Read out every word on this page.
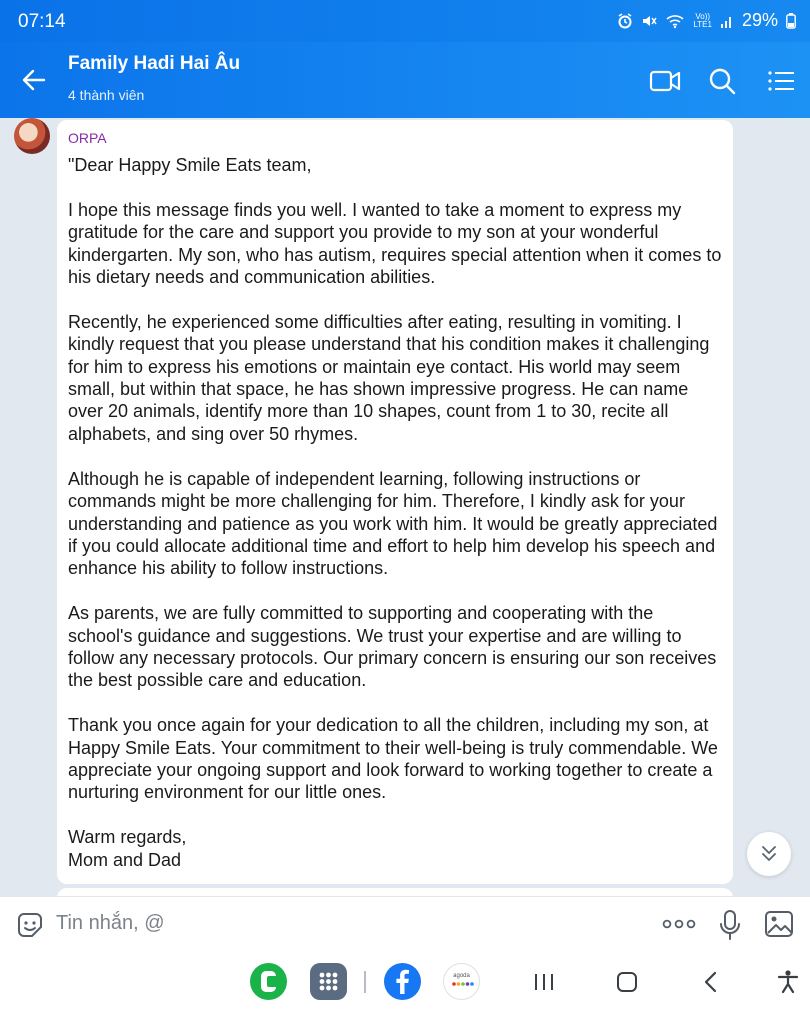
07:14	Vo))
LTE1 29%
Family Hadi Hai Âu
4 thành viên
ORPA
"Dear Happy Smile Eats team,

I hope this message finds you well. I wanted to take a moment to express my gratitude for the care and support you provide to my son at your wonderful kindergarten. My son, who has autism, requires special attention when it comes to his dietary needs and communication abilities.

Recently, he experienced some difficulties after eating, resulting in vomiting. I kindly request that you please understand that his condition makes it challenging for him to express his emotions or maintain eye contact. His world may seem small, but within that space, he has shown impressive progress. He can name over 20 animals, identify more than 10 shapes, count from 1 to 30, recite all alphabets, and sing over 50 rhymes.

Although he is capable of independent learning, following instructions or commands might be more challenging for him. Therefore, I kindly ask for your understanding and patience as you work with him. It would be greatly appreciated if you could allocate additional time and effort to help him develop his speech and enhance his ability to follow instructions.

As parents, we are fully committed to supporting and cooperating with the school's guidance and suggestions. We trust your expertise and are willing to follow any necessary protocols. Our primary concern is ensuring our son receives the best possible care and education.

Thank you once again for your dedication to all the children, including my son, at Happy Smile Eats. Your commitment to their well-being is truly commendable. We appreciate your ongoing support and look forward to working together to create a nurturing environment for our little ones.

Warm regards,
Mom and Dad
Tin nhắn, @
agoda
